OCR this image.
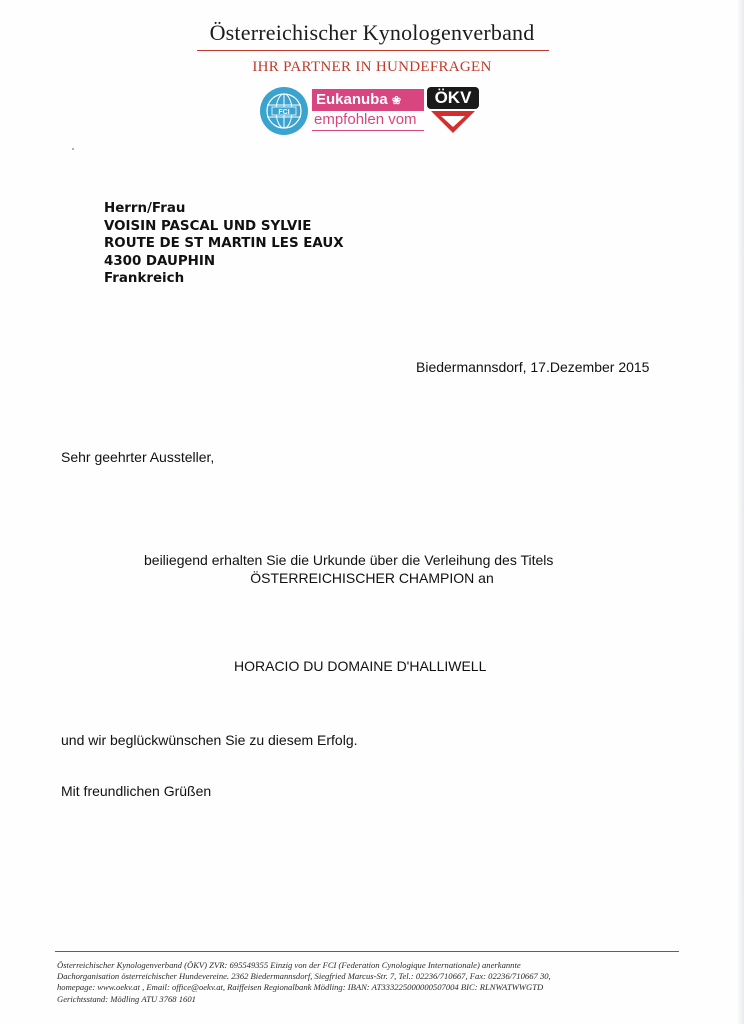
Österreichischer Kynologenverband
IHR PARTNER IN HUNDEFRAGEN
FCI
Eukanuba ❀
empfohlen vom
ÖKV
Herrn/Frau
VOISIN PASCAL UND SYLVIE
ROUTE DE ST MARTIN LES EAUX
4300 DAUPHIN
Frankreich
Biedermannsdorf, 17.Dezember 2015
Sehr geehrter Aussteller,
beiliegend erhalten Sie die Urkunde über die Verleihung des Titels
ÖSTERREICHISCHER CHAMPION an
HORACIO DU DOMAINE D'HALLIWELL
und wir beglückwünschen Sie zu diesem Erfolg.
Mit freundlichen Grüßen
Österreichischer Kynologenverband (ÖKV) ZVR: 695549355 Einzig von der FCI (Federation Cynologique Internationale) anerkannte
Dachorganisation österreichischer Hundevereine. 2362 Biedermannsdorf, Siegfried Marcus-Str. 7, Tel.: 02236/710667, Fax: 02236/710667 30,
homepage: www.oekv.at , Email: office@oekv.at, Raiffeisen Regionalbank Mödling: IBAN: AT333225000000507004 BIC: RLNWATWWGTD
Gerichtsstand: Mödling ATU 3768 1601
